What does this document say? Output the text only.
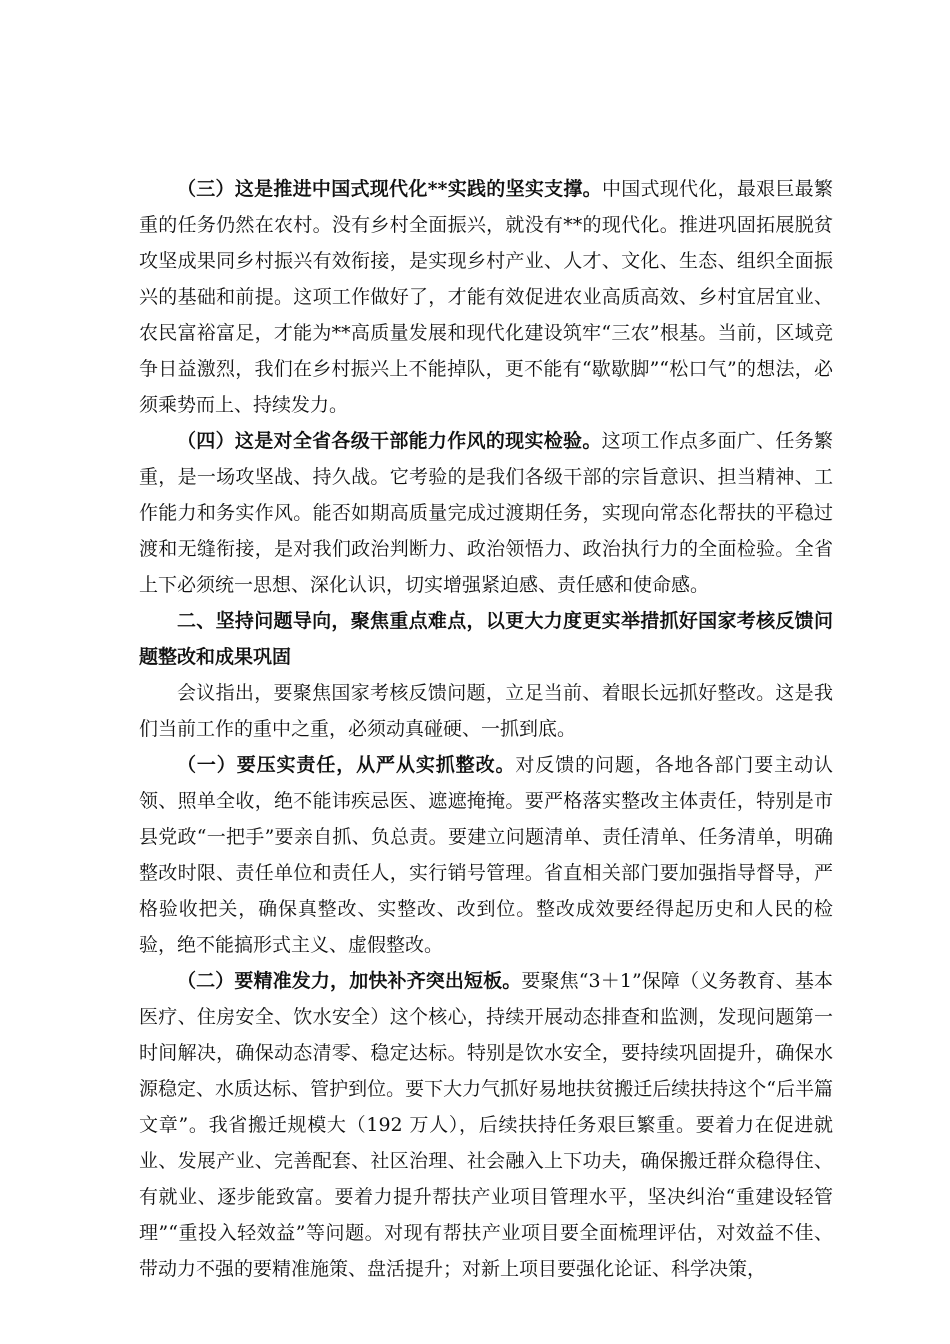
（三）这是推进中国式现代化**实践的坚实支撑。中国式现代化，最艰巨最繁重的任务仍然在农村。没有乡村全面振兴，就没有**的现代化。推进巩固拓展脱贫攻坚成果同乡村振兴有效衔接，是实现乡村产业、人才、文化、生态、组织全面振兴的基础和前提。这项工作做好了，才能有效促进农业高质高效、乡村宜居宜业、农民富裕富足，才能为**高质量发展和现代化建设筑牢“三农”根基。当前，区域竞争日益激烈，我们在乡村振兴上不能掉队，更不能有“歇歇脚”“松口气”的想法，必须乘势而上、持续发力。

（四）这是对全省各级干部能力作风的现实检验。这项工作点多面广、任务繁重，是一场攻坚战、持久战。它考验的是我们各级干部的宗旨意识、担当精神、工作能力和务实作风。能否如期高质量完成过渡期任务，实现向常态化帮扶的平稳过渡和无缝衔接，是对我们政治判断力、政治领悟力、政治执行力的全面检验。全省上下必须统一思想、深化认识，切实增强紧迫感、责任感和使命感。

二、坚持问题导向，聚焦重点难点，以更大力度更实举措抓好国家考核反馈问题整改和成果巩固

会议指出，要聚焦国家考核反馈问题，立足当前、着眼长远抓好整改。这是我们当前工作的重中之重，必须动真碰硬、一抓到底。

（一）要压实责任，从严从实抓整改。对反馈的问题，各地各部门要主动认领、照单全收，绝不能讳疾忌医、遮遮掩掩。要严格落实整改主体责任，特别是市县党政“一把手”要亲自抓、负总责。要建立问题清单、责任清单、任务清单，明确整改时限、责任单位和责任人，实行销号管理。省直相关部门要加强指导督导，严格验收把关，确保真整改、实整改、改到位。整改成效要经得起历史和人民的检验，绝不能搞形式主义、虚假整改。

（二）要精准发力，加快补齐突出短板。要聚焦“3＋1”保障（义务教育、基本医疗、住房安全、饮水安全）这个核心，持续开展动态排查和监测，发现问题第一时间解决，确保动态清零、稳定达标。特别是饮水安全，要持续巩固提升，确保水源稳定、水质达标、管护到位。要下大力气抓好易地扶贫搬迁后续扶持这个“后半篇文章”。我省搬迁规模大（192 万人），后续扶持任务艰巨繁重。要着力在促进就业、发展产业、完善配套、社区治理、社会融入上下功夫，确保搬迁群众稳得住、有就业、逐步能致富。要着力提升帮扶产业项目管理水平，坚决纠治“重建设轻管理”“重投入轻效益”等问题。对现有帮扶产业项目要全面梳理评估，对效益不佳、带动力不强的要精准施策、盘活提升；对新上项目要强化论证、科学决策，
